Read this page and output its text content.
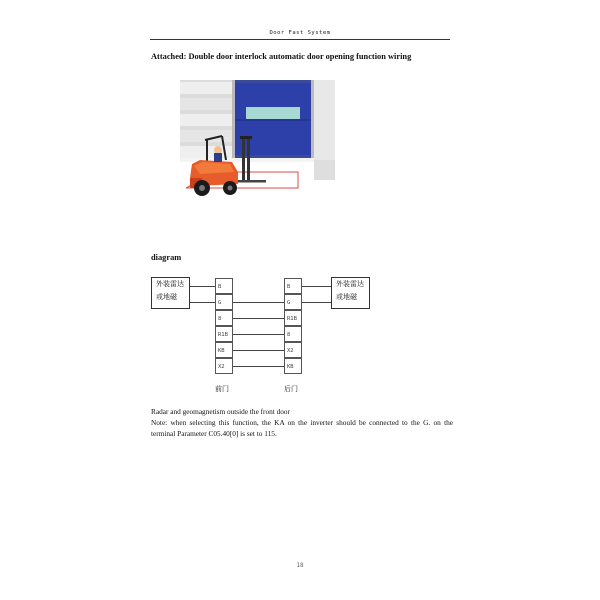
Door Fast System
Attached: Double door interlock automatic door opening function wiring
diagram
外装雷达
或地磁
外装雷达
或地磁
B
G
8
R1B
KB
X2
B
G
R1B
8
X2
KB
前门	后门
Radar and geomagnetism outside the front door
Note: when selecting this function, the KA on the inverter should be connected to the G. on the terminal Parameter C05.40[0] is set to 115.
18
